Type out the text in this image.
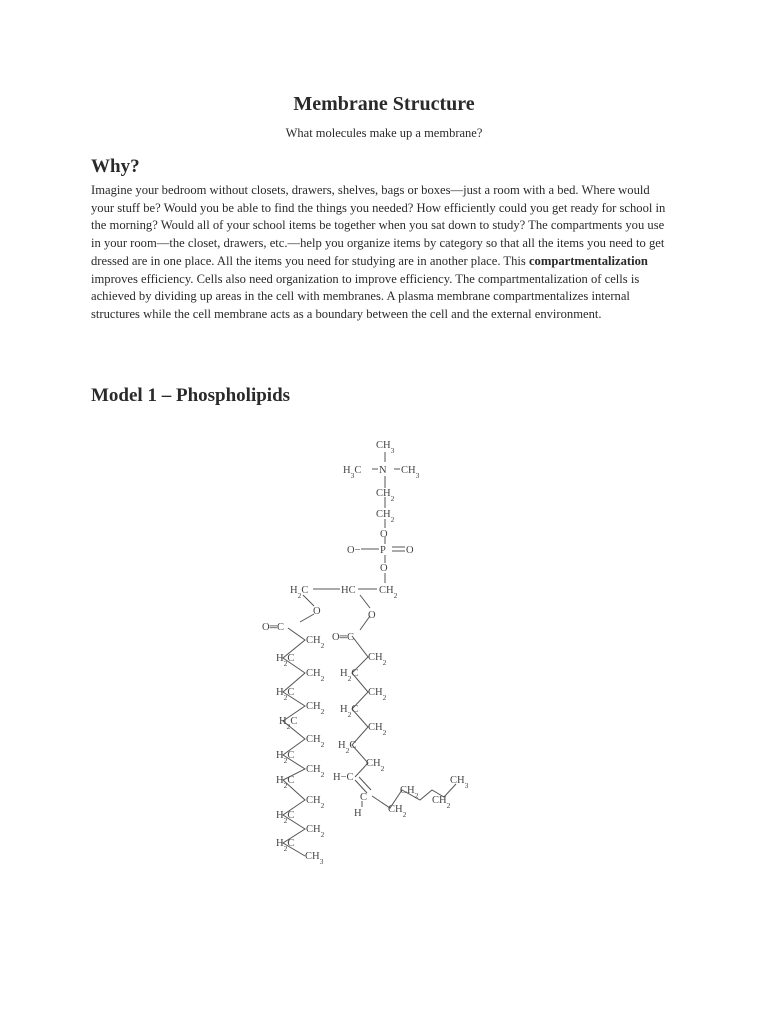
Membrane Structure

What molecules make up a membrane?

Why?

Imagine your bedroom without closets, drawers, shelves, bags or boxes—just a room with a bed. Where would your stuff be? Would you be able to find the things you needed? How efficiently could you get ready for school in the morning? Would all of your school items be together when you sat down to study? The compartments you use in your room—the closet, drawers, etc.—help you organize items by category so that all the items you need to get dressed are in one place. All the items you need for studying are in another place. This compartmentalization improves efficiency. Cells also need organization to improve efficiency. The compartmentalization of cells is achieved by dividing up areas in the cell with membranes. A plasma membrane compartmentalizes internal structures while the cell membrane acts as a boundary between the cell and the external environment.

Model 1 – Phospholipids
$CH_3$
$H_3C$ N $CH_3$
$CH_2$
$CH_2$
O
O− P O
O
$H_2C$	HC $CH_2$
O	O
O═C
O═C
$CH_2$
$H_2C$
$CH_2$
$H_2C$
$CH_2$
$H_2C$
$CH_2$
$H_2C$
$CH_2$
$H_2C$
$CH_2$
$H_2C$
$CH_2$
$H_2C$
$CH_3$
$CH_2$
$H_2C$
$CH_2$
$H_2C$
$CH_2$
$H_2C$
$CH_2$
H−C
C
H	$CH_2$
$CH_2$ $CH_2$
$CH_3$
